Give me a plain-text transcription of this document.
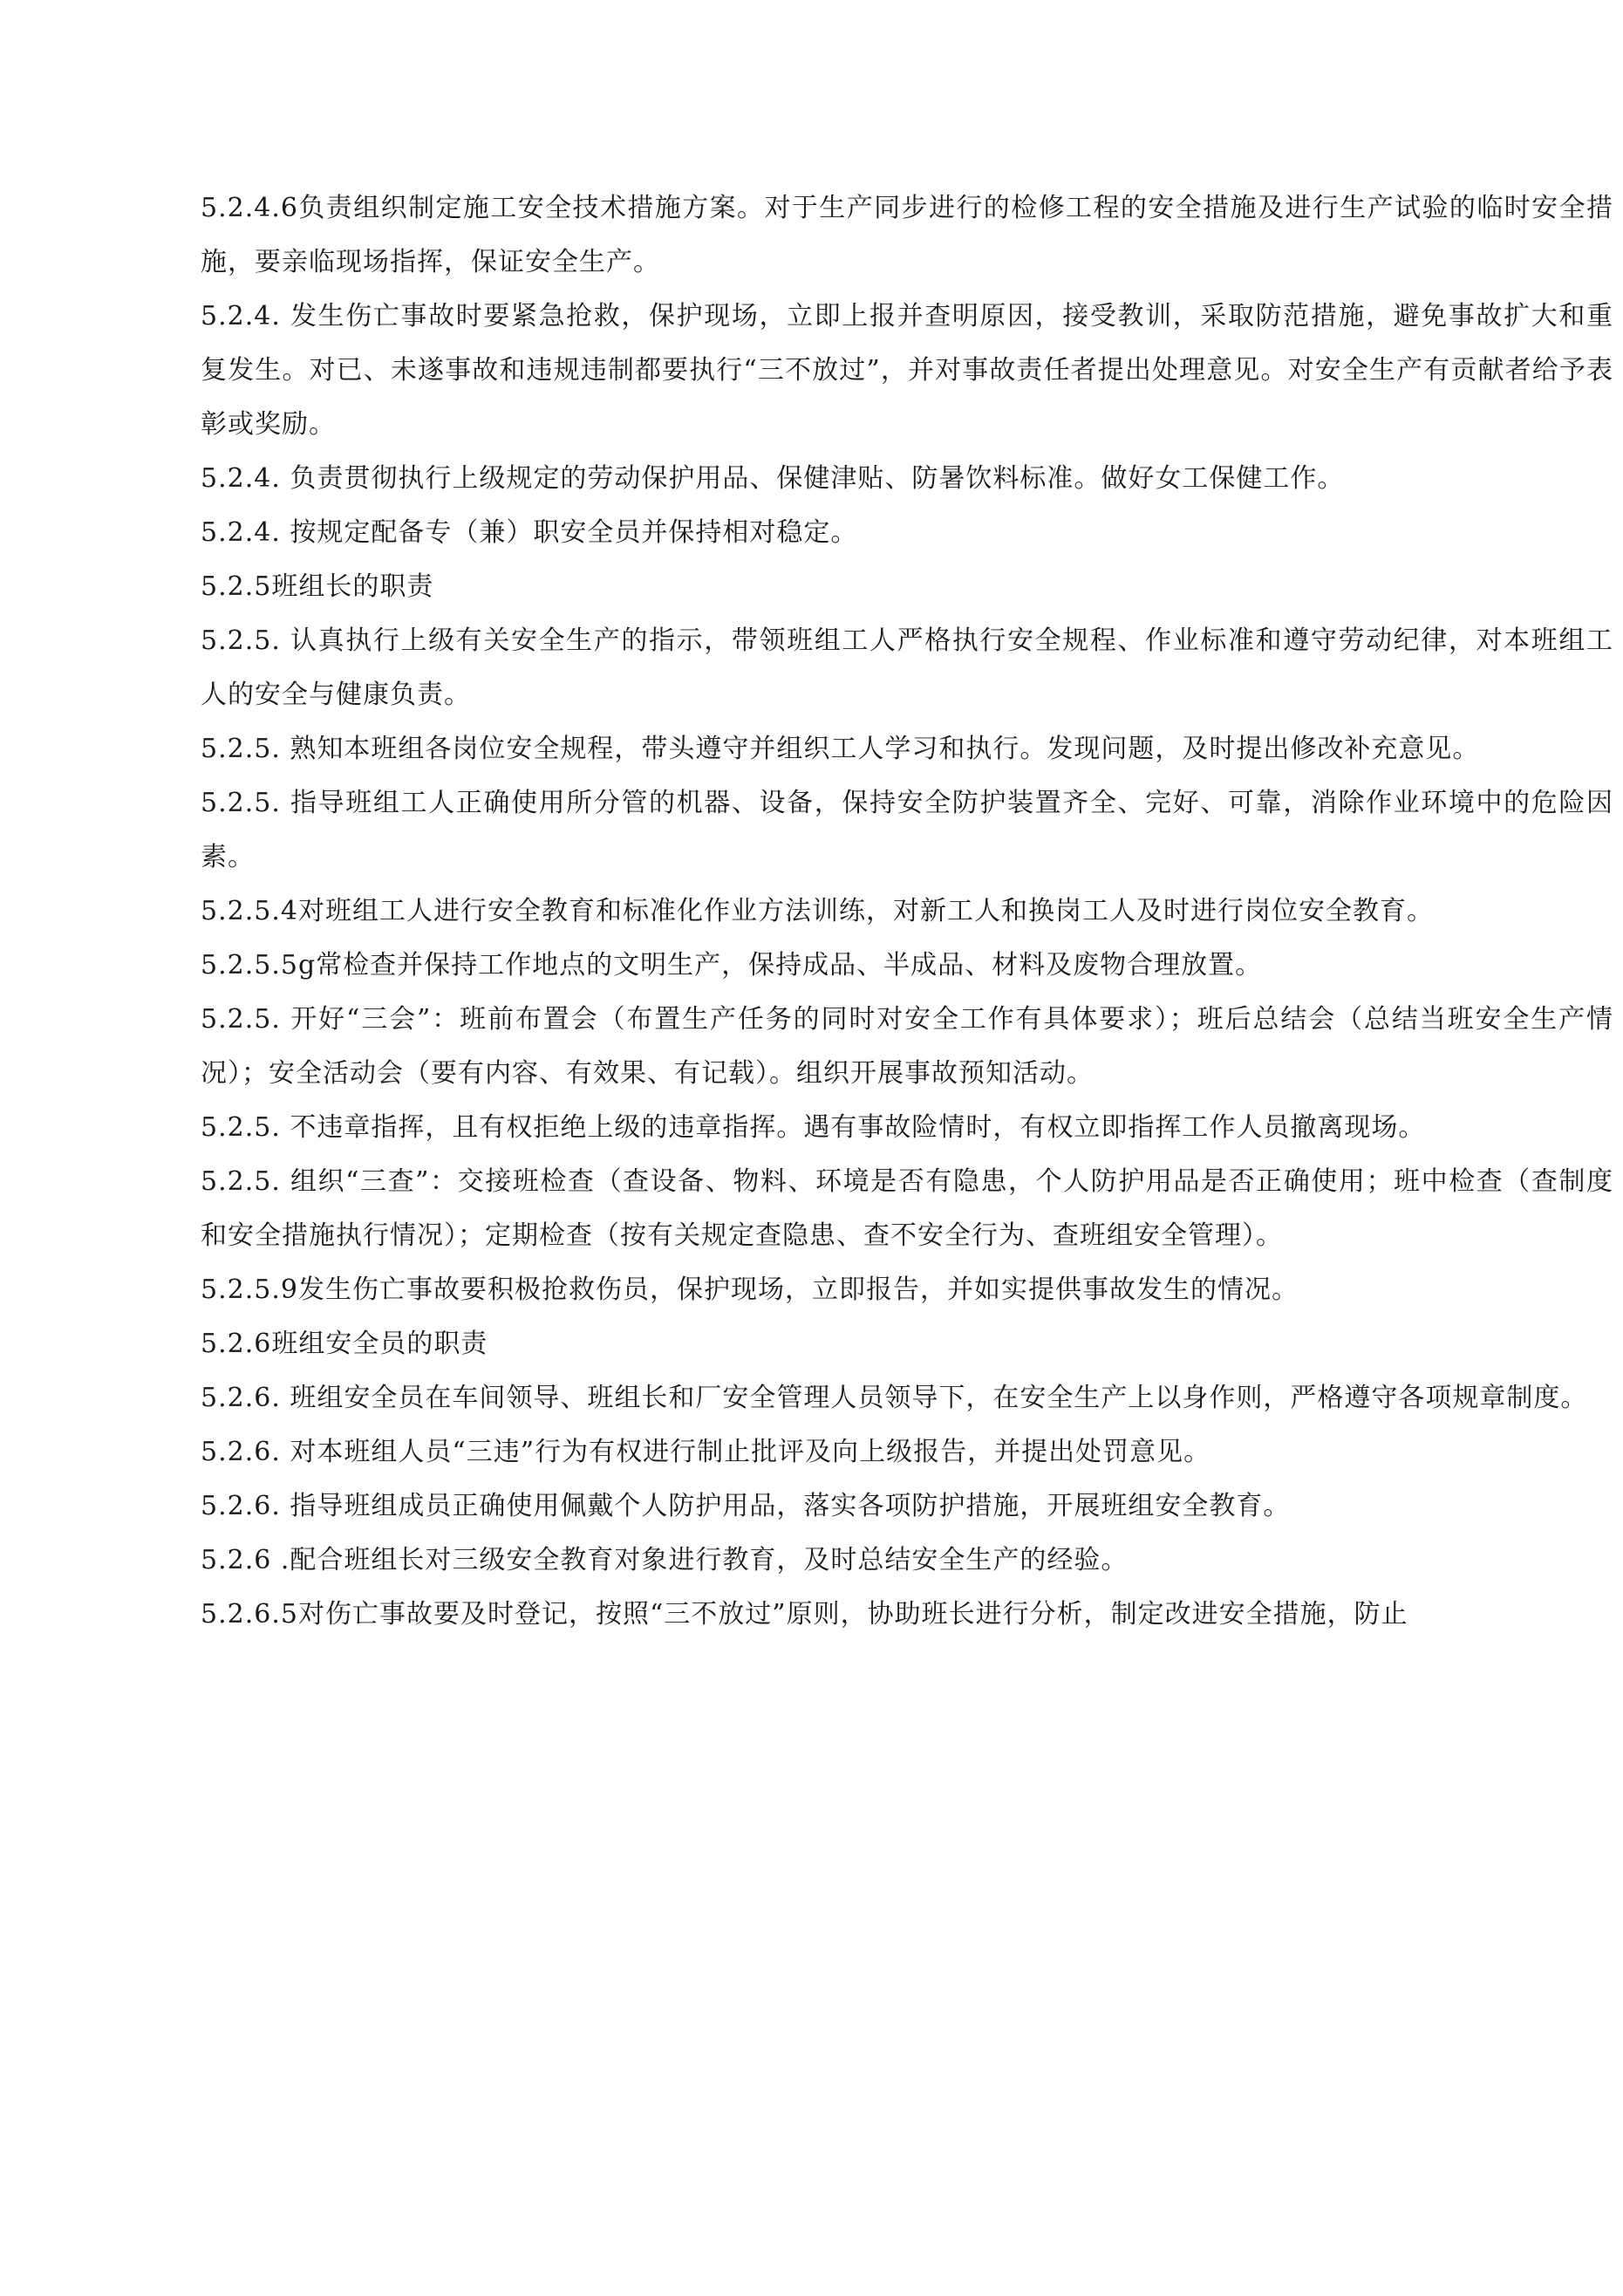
5.2.4.6负责组织制定施工安全技术措施方案。对于生产同步进行的检修工程的安全措施及进行生产试验的临时安全措施，要亲临现场指挥，保证安全生产。

5.2.4. 发生伤亡事故时要紧急抢救，保护现场，立即上报并查明原因，接受教训，采取防范措施，避免事故扩大和重复发生。对已、未遂事故和违规违制都要执行“三不放过”，并对事故责任者提出处理意见。对安全生产有贡献者给予表彰或奖励。

5.2.4. 负责贯彻执行上级规定的劳动保护用品、保健津贴、防暑饮料标准。做好女工保健工作。

5.2.4. 按规定配备专（兼）职安全员并保持相对稳定。

5.2.5班组长的职责

5.2.5. 认真执行上级有关安全生产的指示，带领班组工人严格执行安全规程、作业标准和遵守劳动纪律，对本班组工人的安全与健康负责。

5.2.5. 熟知本班组各岗位安全规程，带头遵守并组织工人学习和执行。发现问题，及时提出修改补充意见。

5.2.5. 指导班组工人正确使用所分管的机器、设备，保持安全防护装置齐全、完好、可靠，消除作业环境中的危险因素。

5.2.5.4对班组工人进行安全教育和标准化作业方法训练，对新工人和换岗工人及时进行岗位安全教育。

5.2.5.5g常检查并保持工作地点的文明生产，保持成品、半成品、材料及废物合理放置。

5.2.5. 开好“三会”：班前布置会（布置生产任务的同时对安全工作有具体要求）；班后总结会（总结当班安全生产情况）；安全活动会（要有内容、有效果、有记载）。组织开展事故预知活动。

5.2.5. 不违章指挥，且有权拒绝上级的违章指挥。遇有事故险情时，有权立即指挥工作人员撤离现场。

5.2.5. 组织“三查”：交接班检查（查设备、物料、环境是否有隐患，个人防护用品是否正确使用；班中检查（查制度和安全措施执行情况）；定期检查（按有关规定查隐患、查不安全行为、查班组安全管理）。

5.2.5.9发生伤亡事故要积极抢救伤员，保护现场，立即报告，并如实提供事故发生的情况。

5.2.6班组安全员的职责

5.2.6. 班组安全员在车间领导、班组长和厂安全管理人员领导下，在安全生产上以身作则，严格遵守各项规章制度。

5.2.6. 对本班组人员“三违”行为有权进行制止批评及向上级报告，并提出处罚意见。

5.2.6. 指导班组成员正确使用佩戴个人防护用品，落实各项防护措施，开展班组安全教育。

5.2.6 .配合班组长对三级安全教育对象进行教育，及时总结安全生产的经验。

5.2.6.5对伤亡事故要及时登记，按照“三不放过”原则，协助班长进行分析，制定改进安全措施，防止
